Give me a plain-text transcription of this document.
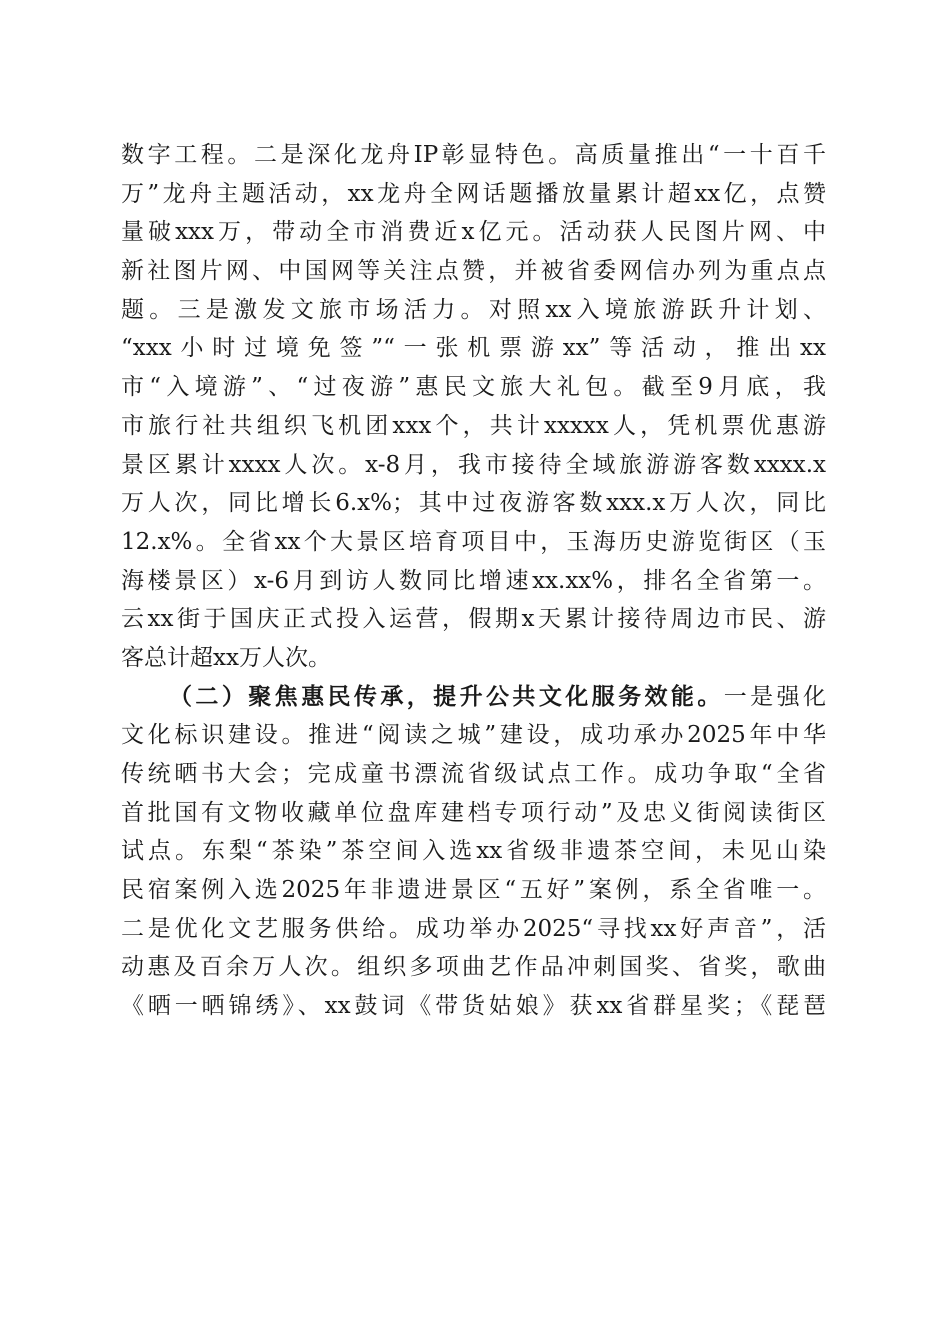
数字工程。二是深化龙舟IP彰显特色。高质量推出“一十百千
万”龙舟主题活动，xx龙舟全网话题播放量累计超xx亿，点赞
量破xxx万，带动全市消费近x亿元。活动获人民图片网、中
新社图片网、中国网等关注点赞，并被省委网信办列为重点点
题。三是激发文旅市场活力。对照xx入境旅游跃升计划、
“xxx小时过境免签”“一张机票游xx”等活动，推出xx
市“入境游”、“过夜游”惠民文旅大礼包。截至9月底，我
市旅行社共组织飞机团xxx个，共计xxxxx人，凭机票优惠游
景区累计xxxx人次。x-8月，我市接待全域旅游游客数xxxx.x
万人次，同比增长6.x%；其中过夜游客数xxx.x万人次，同比
12.x%。全省xx个大景区培育项目中，玉海历史游览街区（玉
海楼景区）x-6月到访人数同比增速xx.xx%，排名全省第一。
云xx街于国庆正式投入运营，假期x天累计接待周边市民、游
客总计超xx万人次。
（二）聚焦惠民传承，提升公共文化服务效能。一是强化
文化标识建设。推进“阅读之城”建设，成功承办2025年中华
传统晒书大会；完成童书漂流省级试点工作。成功争取“全省
首批国有文物收藏单位盘库建档专项行动”及忠义街阅读街区
试点。东梨“茶染”茶空间入选xx省级非遗茶空间，未见山染
民宿案例入选2025年非遗进景区“五好”案例，系全省唯一。
二是优化文艺服务供给。成功举办2025“寻找xx好声音”，活
动惠及百余万人次。组织多项曲艺作品冲刺国奖、省奖，歌曲
《晒一晒锦绣》、xx鼓词《带货姑娘》获xx省群星奖；《琵琶
